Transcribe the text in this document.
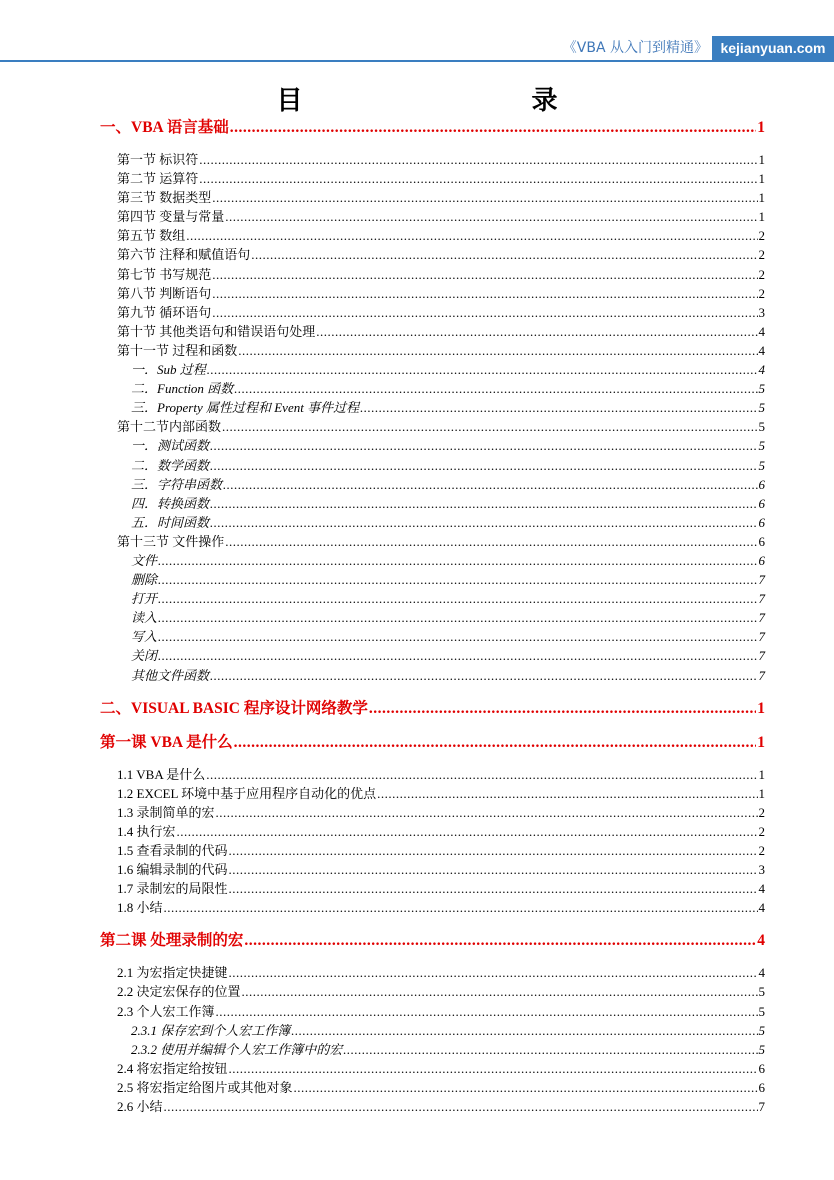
《VBA 从入门到精通》 kejianyuan.com
目 录
一、VBA 语言基础 .....	1
第一节 标识符 .....	1
第二节 运算符 .....	1
第三节 数据类型 .....	1
第四节 变量与常量 .....	1
第五节 数组 .....	2
第六节 注释和赋值语句 .....	2
第七节 书写规范 .....	2
第八节 判断语句 .....	2
第九节 循环语句 .....	3
第十节 其他类语句和错误语句处理 .....	4
第十一节 过程和函数 .....	4
一．Sub 过程 .....	4
二．Function 函数 .....	5
三．Property 属性过程和 Event 事件过程 .....	5
第十二节内部函数 .....	5
一．测试函数 .....	5
二．数学函数 .....	5
三．字符串函数 .....	6
四．转换函数 .....	6
五．时间函数 .....	6
第十三节 文件操作 .....	6
文件 .....	6
删除 .....	7
打开 .....	7
读入 .....	7
写入 .....	7
关闭 .....	7
其他文件函数 .....	7
二、VISUAL BASIC 程序设计网络教学 .....	1
第一课 VBA 是什么 .....	1
1.1 VBA 是什么 .....	1
1.2 EXCEL 环境中基于应用程序自动化的优点 .....	1
1.3 录制简单的宏 .....	2
1.4 执行宏 .....	2
1.5 查看录制的代码 .....	2
1.6 编辑录制的代码 .....	3
1.7 录制宏的局限性 .....	4
1.8 小结 .....	4
第二课 处理录制的宏 .....	4
2.1 为宏指定快捷键 .....	4
2.2 决定宏保存的位置 .....	5
2.3 个人宏工作簿 .....	5
2.3.1 保存宏到个人宏工作簿 .....	5
2.3.2 使用并编辑个人宏工作簿中的宏 .....	5
2.4 将宏指定给按钮 .....	6
2.5 将宏指定给图片或其他对象 .....	6
2.6 小结 .....	7
